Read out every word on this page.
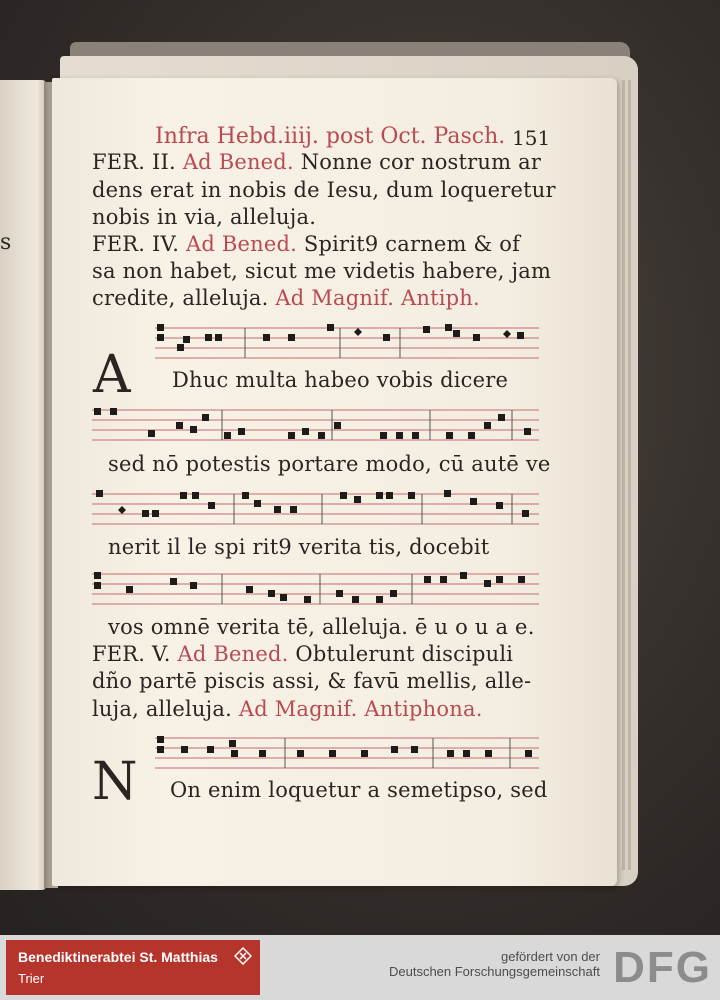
s
Infra Hebd.iiij. post Oct. Pasch. 151
FER. II. Ad Bened. Nonne cor nostrum ar
dens erat in nobis de Iesu, dum loqueretur
nobis in via, alleluja.
FER. IV. Ad Bened. Spirit9 carnem & of
sa non habet, sicut me videtis habere, jam
credite, alleluja. Ad Magnif. Antiph.
A Dhuc multa habeo vobis dicere
sed nō potestis portare modo, cū autē ve
nerit il le spi rit9 verita tis, docebit
vos omnē verita tē, alleluja. ē u o u a e.
FER. V. Ad Bened. Obtulerunt discipuli
dño partē piscis assi, & favū mellis, alle-
luja, alleluja. Ad Magnif. Antiphona.
N On enim loquetur a semetipso, sed
Benediktinerabtei St. Matthias
Trier
gefördert von der
Deutschen Forschungsgemeinschaft DFG
